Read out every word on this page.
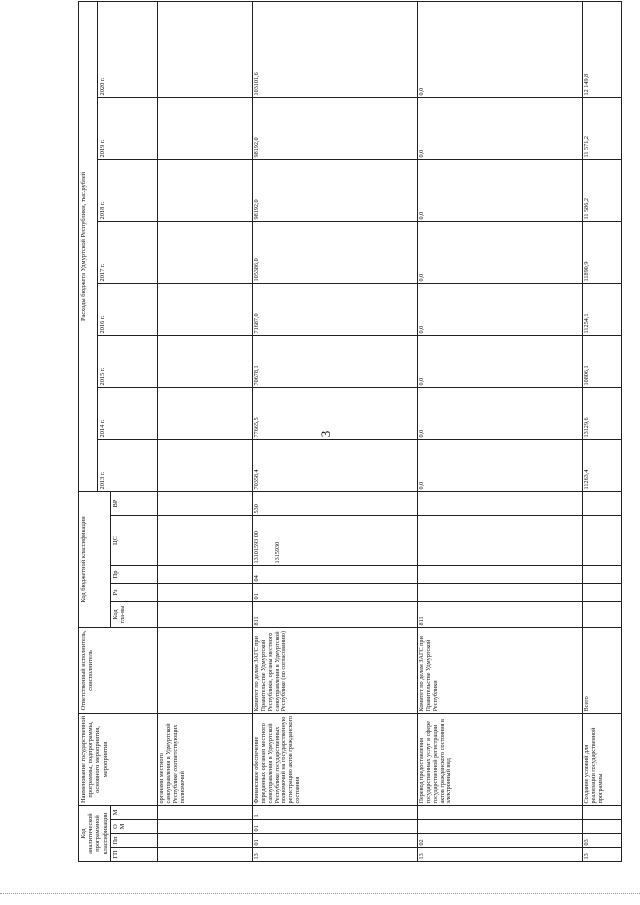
3
Код аналитической программной классификации				Наименование государственной программы, подпрограммы, основного мероприятия, мероприятия	Ответственный исполнитель, соисполнитель	Код бюджетной классификации					Расходы бюджета Удмуртской Республики, тыс.рублей							
											2013 г.	2014 г.	2015 г.	2016 г.	2017 г.	2018 г.	2019 г.	2020 г.
ГП	Пп	ОМ	М			Код гла-вы	Рз	Пр	ЦС	ВР								
				органами местного самоуправления в Удмуртской Республике соответствующих полномочий														
13	01	01	1	Финансовое обеспечение переданных органам местного самоуправления в Удмуртской Республике государственных полномочий на государственную регистрацию актов гражданского состояния	Комитет по делам ЗАГС при Правительстве Удмуртской Республики, органы местного самоуправления в Удмуртской Республике (по согласованию)	811	01	04	13101593 00 1315930	530	70358,4	77665,5	70678,1	71687,0	105386,0	98192,0	98192,0	103101,6
13	02			Перевод предоставления государственных услуг в сфере государственной регистрации актов гражданского состояния в электронный вид	Комитет по делам ЗАГС при Правительстве Удмуртской Республики	811					0,0	0,0	0,0	0,0	0,0	0,0	0,0	0,0
13	03			Создание условий для реализации государственной программы	Всего						11263,4	13129,6	10806,1	11254,1	11890,9	11 586,2	11 571,2	12 149,8
